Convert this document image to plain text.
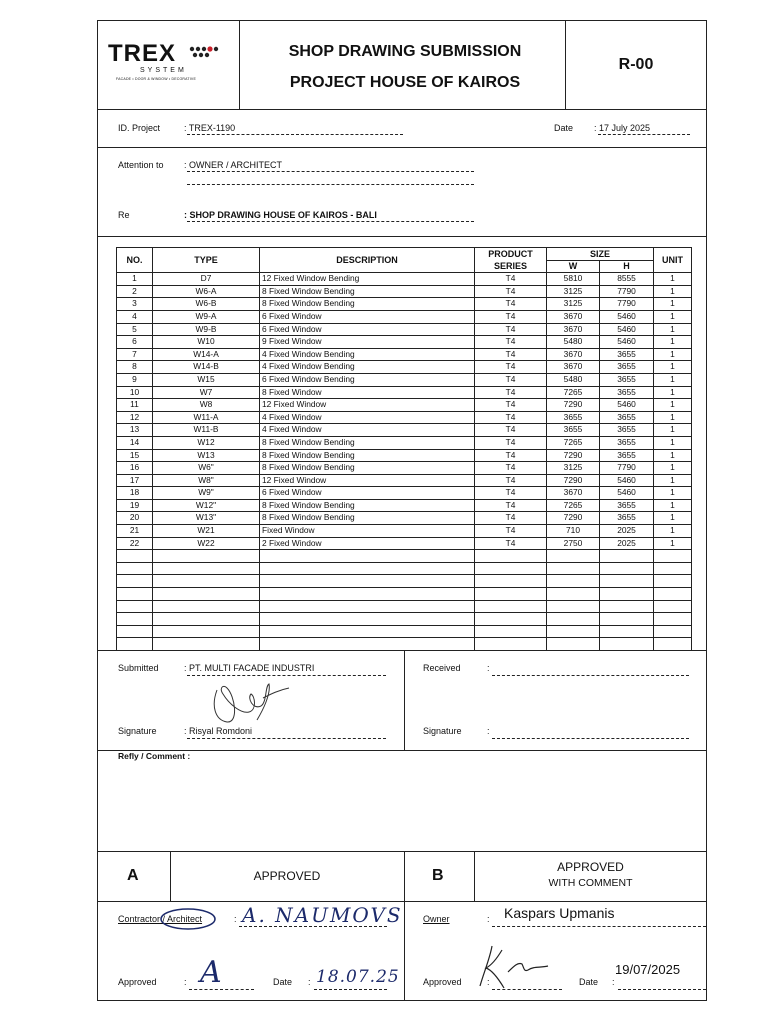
TREX
SYSTEM
FACADE • DOOR & WINDOW • DECORATIVE
SHOP DRAWING SUBMISSION
PROJECT HOUSE OF KAIROS
R-00
ID. Project	: TREX-1190	Date : 17 July 2025
Attention to : OWNER / ARCHITECT
Re	: SHOP DRAWING HOUSE OF KAIROS - BALI
NO.	TYPE	DESCRIPTION	PRODUCT	SIZE		UNIT
			SERIES	W	H	
1	D7	12 Fixed Window Bending	T4	5810	8555	1
2	W6-A	8 Fixed Window Bending	T4	3125	7790	1
3	W6-B	8 Fixed Window Bending	T4	3125	7790	1
4	W9-A	6 Fixed Window	T4	3670	5460	1
5	W9-B	6 Fixed Window	T4	3670	5460	1
6	W10	9 Fixed Window	T4	5480	5460	1
7	W14-A	4 Fixed Window Bending	T4	3670	3655	1
8	W14-B	4 Fixed Window Bending	T4	3670	3655	1
9	W15	6 Fixed Window Bending	T4	5480	3655	1
10	W7	8 Fixed Window	T4	7265	3655	1
11	W8	12 Fixed Window	T4	7290	5460	1
12	W11-A	4 Fixed Window	T4	3655	3655	1
13	W11-B	4 Fixed Window	T4	3655	3655	1
14	W12	8 Fixed Window Bending	T4	7265	3655	1
15	W13	8 Fixed Window Bending	T4	7290	3655	1
16	W6"	8 Fixed Window Bending	T4	3125	7790	1
17	W8"	12 Fixed Window	T4	7290	5460	1
18	W9"	6 Fixed Window	T4	3670	5460	1
19	W12"	8 Fixed Window Bending	T4	7265	3655	1
20	W13"	8 Fixed Window Bending	T4	7290	3655	1
21	W21	Fixed Window	T4	710	2025	1
22	W22	2 Fixed Window	T4	2750	2025	1

Submitted	: PT. MULTI FACADE INDUSTRI	Received	:
Signature	: Risyal Romdoni	Signature	:
Refly / Comment :
A	APPROVED	B	APPROVED
WITH COMMENT
Contractor / Architect	: A. NAUMOVS Owner	: Kaspars Upmanis
Approved	: A	Date : 18.07.25	Approved	:	Date :
19/07/2025
